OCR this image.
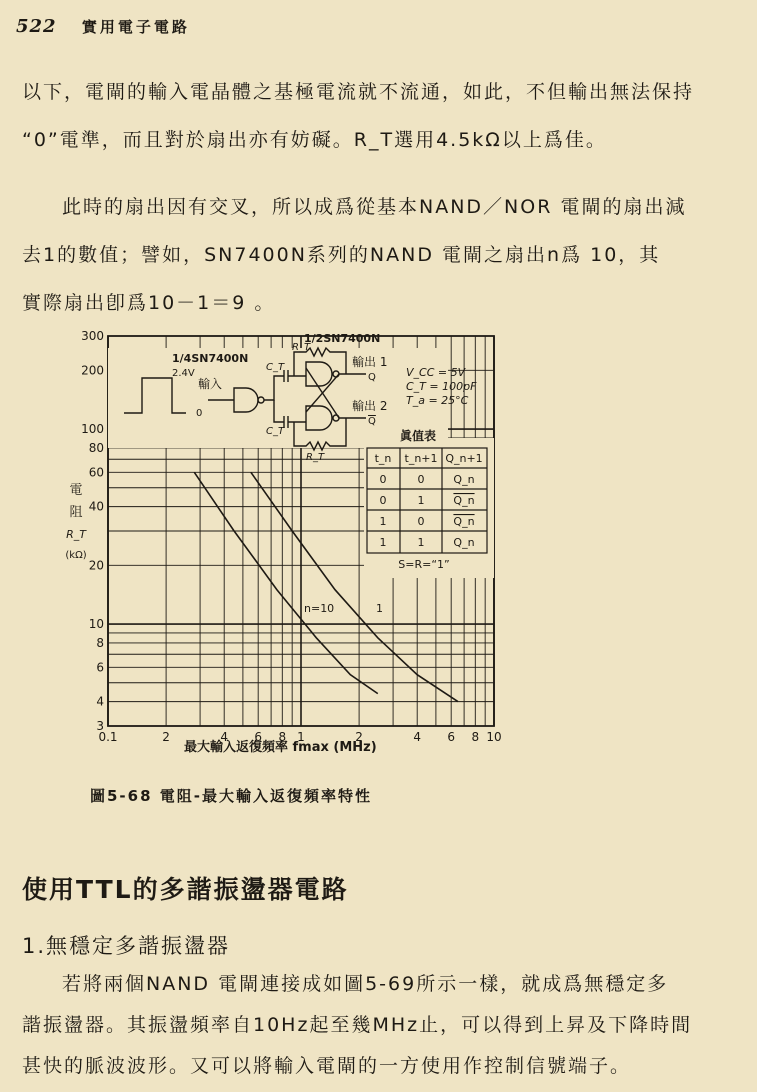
522 實用電子電路
以下，電閘的輸入電晶體之基極電流就不流通，如此，不但輸出無法保持
“0”電準，而且對於扇出亦有妨礙。R_T選用4.5kΩ以上爲佳。
此時的扇出因有交叉，所以成爲從基本NAND／NOR 電閘的扇出減
去1的數值；譬如，SN7400N系列的NAND 電閘之扇出n爲 10，其
實際扇出卽爲10－1＝9 。
0.1	2	4 6 8 1	2	4 6 8 10
3
4
6
8
10
20
40
60
80
100
200
300
1/4SN7400N
1/2SN7400N
2.4V
輸入
0
C_T
C_T
R_T
R_T
輸出 1
Q
輸出 2
Q
V_CC = 5V
C_T = 100pF
T_a = 25°C
眞值表
t_n t_n+1 Q_n+1
0	0	Q_n
0	1	Q_n
1	0	Q_n
1	1	Q_n
S=R=“1”
電
阻
R_T
(kΩ)
n=10	1
最大輸入返復頻率 fmax (MHz)
圖5-68 電阻-最大輸入返復頻率特性
使用TTL的多諧振盪器電路
1.無穩定多諧振盪器
若將兩個NAND 電閘連接成如圖5-69所示一樣，就成爲無穩定多
諧振盪器。其振盪頻率自10Hz起至幾MHz止，可以得到上昇及下降時間
甚快的脈波波形。又可以將輸入電閘的一方使用作控制信號端子。
